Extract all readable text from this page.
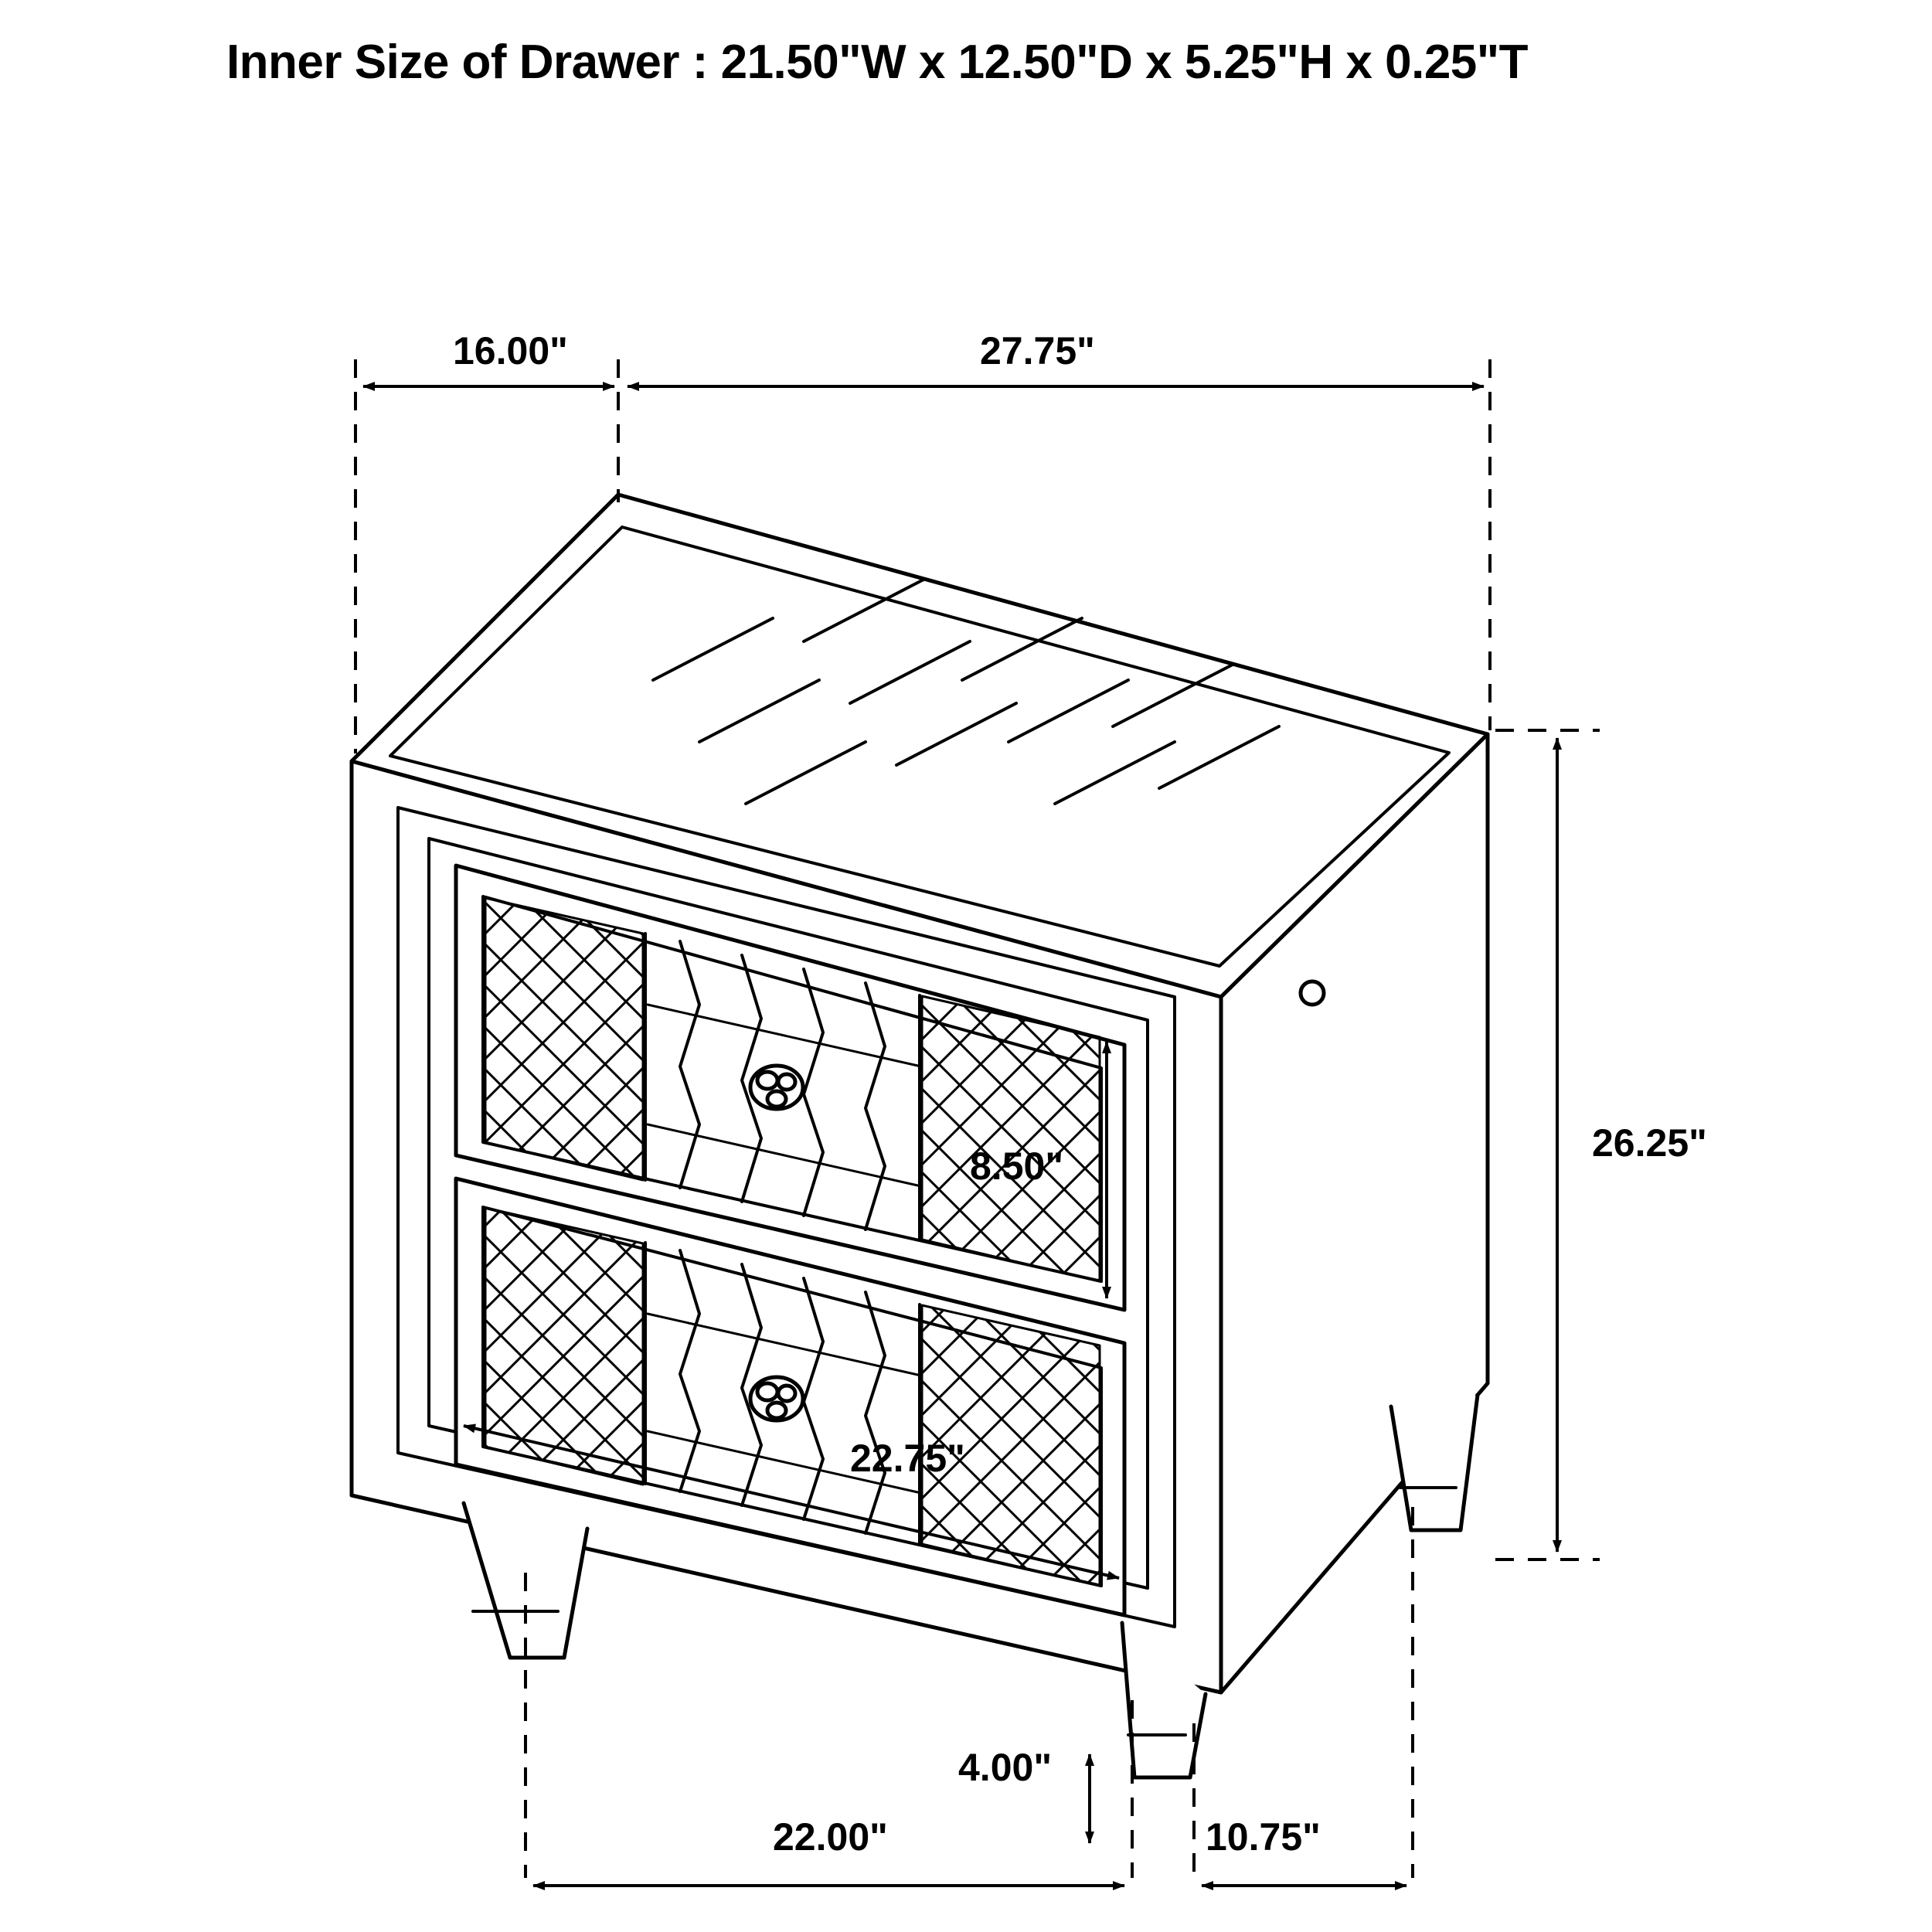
Inner Size of Drawer : 21.50"W x 12.50"D x 5.25"H x 0.25"T
16.00"	27.75"
26.25"
8.50"
22.75"
4.00"
22.00"	10.75"
